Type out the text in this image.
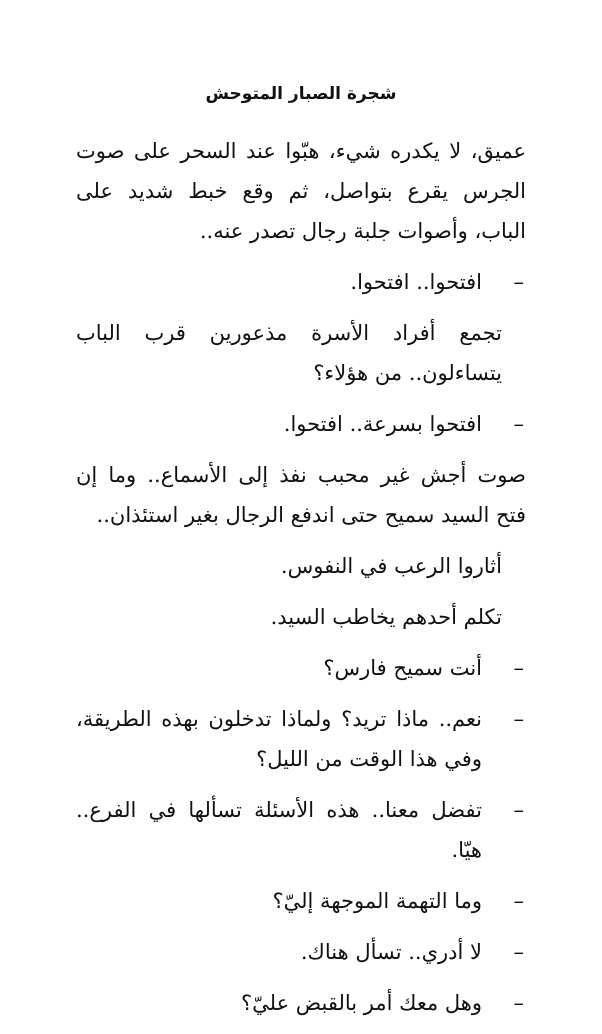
شجرة الصبار المتوحش

عميق، لا يكدره شيء، هبّوا عند السحر على صوت الجرس يقرع بتواصل، ثم وقع خبط شديد على الباب، وأصوات جلبة رجال تصدر عنه..

–
افتحوا.. افتحوا.

تجمع أفراد الأسرة مذعورين قرب الباب يتساءلون.. من هؤلاء؟

–
افتحوا بسرعة.. افتحوا.

صوت أجش غير محبب نفذ إلى الأسماع.. وما إن فتح السيد سميح حتى اندفع الرجال بغير استئذان..

أثاروا الرعب في النفوس.

تكلم أحدهم يخاطب السيد.

–
أنت سميح فارس؟
–
نعم.. ماذا تريد؟ ولماذا تدخلون بهذه الطريقة، وفي هذا الوقت من الليل؟
–
تفضل معنا.. هذه الأسئلة تسألها في الفرع.. هيّا.
–
وما التهمة الموجهة إليّ؟
–
لا أدري.. تسأل هناك.
–
وهل معك أمر بالقبض عليّ؟
